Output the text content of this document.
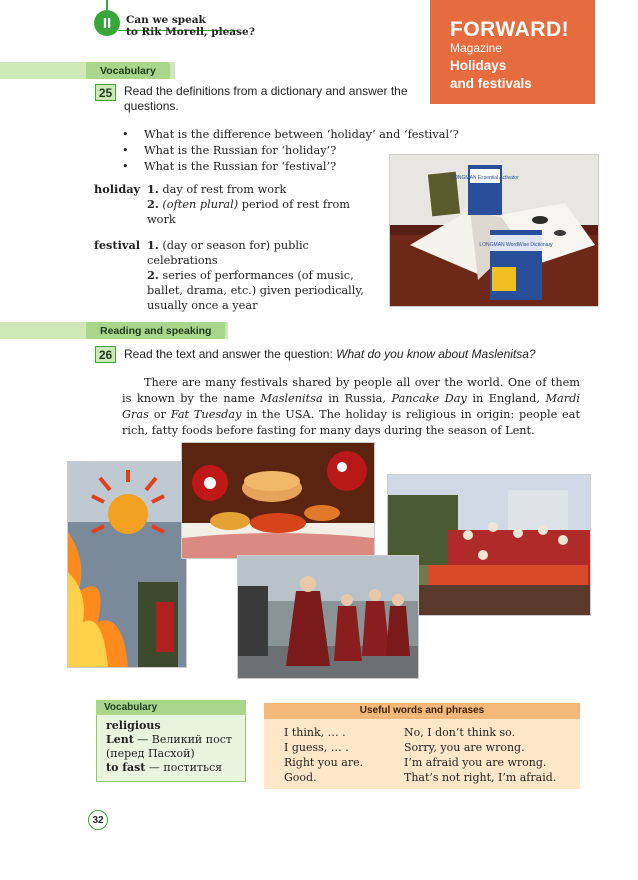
II	Can we speak
to Rik Morell, please?	FORWARD!
Magazine
Holidays
and festivals
Vocabulary
25 Read the definitions from a dictionary and answer the questions.
• What is the difference between ‘holiday’ and ‘festival’?
• What is the Russian for ‘holiday’?
• What is the Russian for ‘festival’?
holiday 1. day of rest from work
2. (often plural) period of rest from work
festival 1. (day or season for) public celebrations
2. series of performances (of music, ballet, drama, etc.) given periodically, usually once a year
LONGMAN Essential Activator
LONGMAN WordWise Dictionary
Reading and speaking
26 Read the text and answer the question: What do you know about Maslenitsa?
There are many festivals shared by people all over the world. One of them is known by the name Maslenitsa in Russia, Pancake Day in England, Mardi Gras or Fat Tuesday in the USA. The holiday is religious in origin: people eat rich, fatty foods before fasting for many days during the season of Lent.
Vocabulary
religious
Lent — Великий пост
(перед Пасхой)
to fast — поститься
Useful words and phrases
I think, … .
I guess, … .
Right you are.
Good.
No, I don’t think so.
Sorry, you are wrong.
I’m afraid you are wrong.
That’s not right, I’m afraid.
32
